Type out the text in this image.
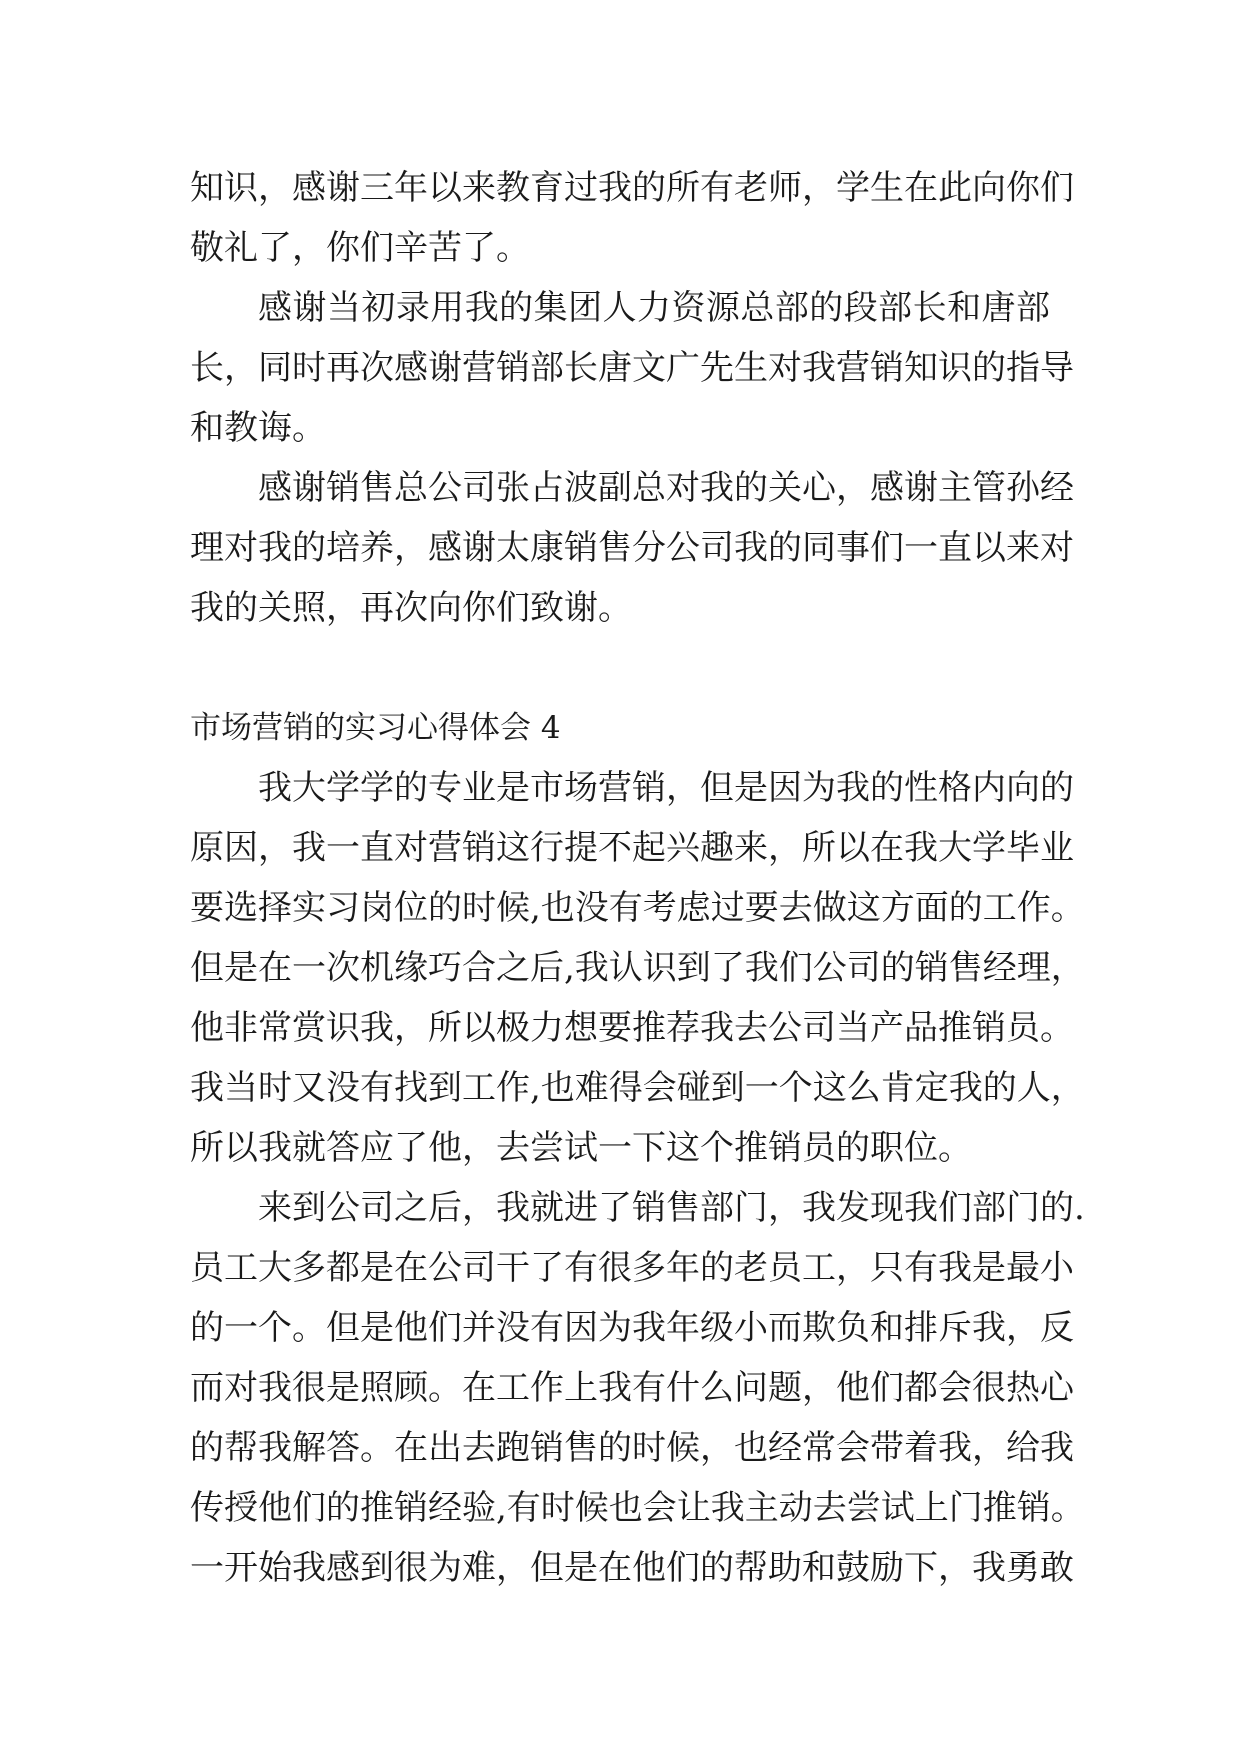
知识，感谢三年以来教育过我的所有老师，学生在此向你们
敬礼了，你们辛苦了。
感谢当初录用我的集团人力资源总部的段部长和唐部
长，同时再次感谢营销部长唐文广先生对我营销知识的指导
和教诲。
感谢销售总公司张占波副总对我的关心，感谢主管孙经
理对我的培养，感谢太康销售分公司我的同事们一直以来对
我的关照，再次向你们致谢。
市场营销的实习心得体会 4
我大学学的专业是市场营销，但是因为我的性格内向的
原因，我一直对营销这行提不起兴趣来，所以在我大学毕业
要选择实习岗位的时候,也没有考虑过要去做这方面的工作。
但是在一次机缘巧合之后,我认识到了我们公司的销售经理，
他非常赏识我，所以极力想要推荐我去公司当产品推销员。
我当时又没有找到工作,也难得会碰到一个这么肯定我的人，
所以我就答应了他，去尝试一下这个推销员的职位。
来到公司之后，我就进了销售部门，我发现我们部门的.
员工大多都是在公司干了有很多年的老员工，只有我是最小
的一个。但是他们并没有因为我年级小而欺负和排斥我，反
而对我很是照顾。在工作上我有什么问题，他们都会很热心
的帮我解答。在出去跑销售的时候，也经常会带着我，给我
传授他们的推销经验,有时候也会让我主动去尝试上门推销。
一开始我感到很为难，但是在他们的帮助和鼓励下，我勇敢
